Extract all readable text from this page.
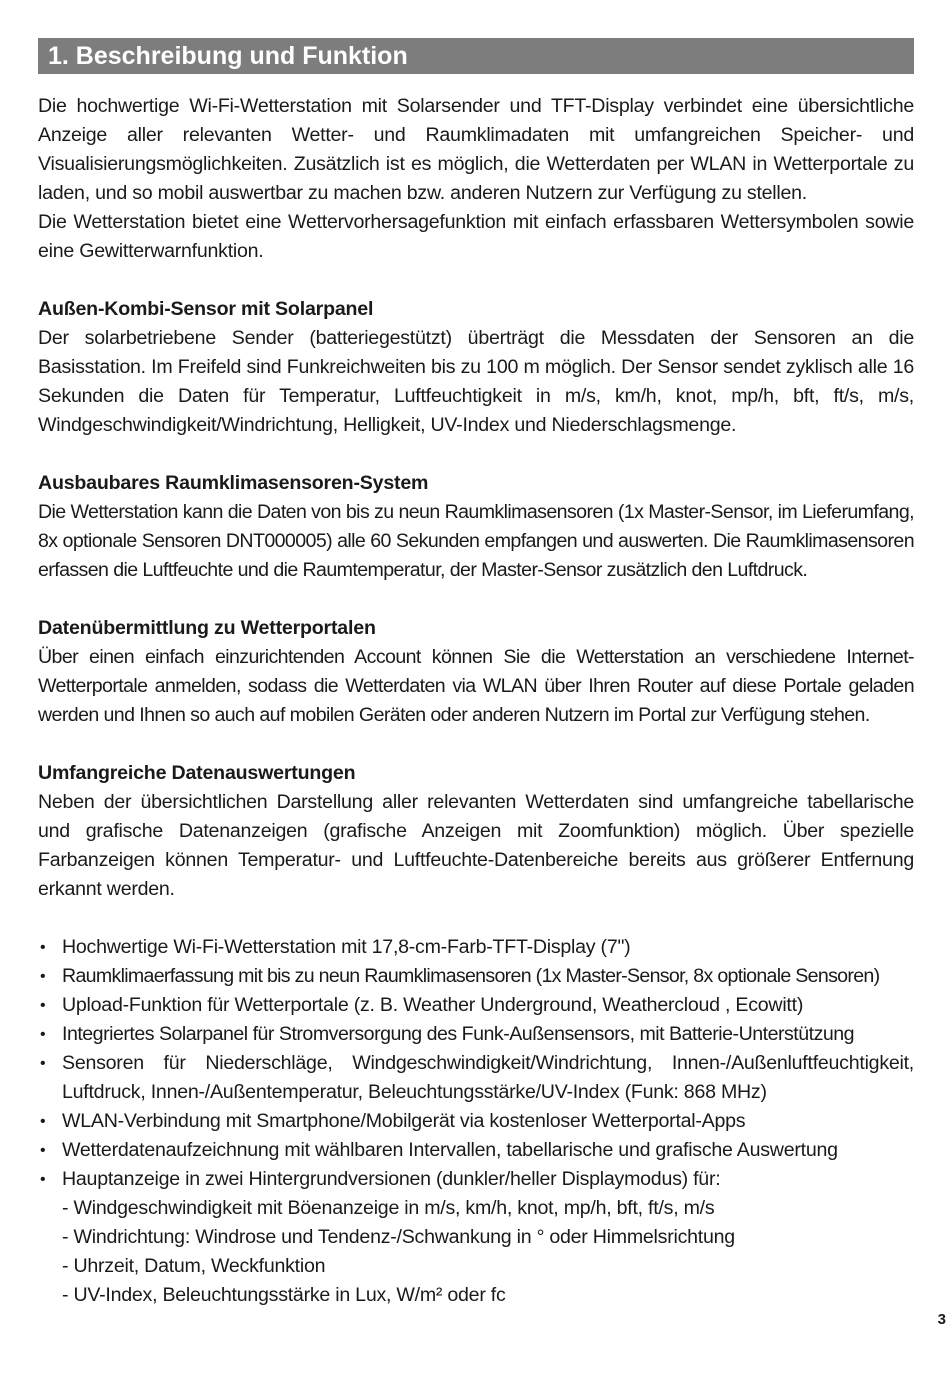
1. Beschreibung und Funktion

Die hochwertige Wi-Fi-Wetterstation mit Solarsender und TFT-Display verbindet eine übersichtliche Anzeige aller relevanten Wetter- und Raumklimadaten mit umfangreichen Speicher- und Visualisierungsmöglichkeiten. Zusätzlich ist es möglich, die Wetterdaten per WLAN in Wetterportale zu laden, und so mobil auswertbar zu machen bzw. anderen Nutzern zur Verfügung zu stellen.

Die Wetterstation bietet eine Wettervorhersagefunktion mit einfach erfassbaren Wettersymbolen sowie eine Gewitterwarnfunktion.

Außen-Kombi-Sensor mit Solarpanel

Der solarbetriebene Sender (batteriegestützt) überträgt die Messdaten der Sensoren an die Basisstation. Im Freifeld sind Funkreichweiten bis zu 100 m möglich. Der Sensor sendet zyklisch alle 16 Sekunden die Daten für Temperatur, Luftfeuchtigkeit in m/s, km/h, knot, mp/h, bft, ft/s, m/s, Windgeschwindigkeit/Windrichtung, Helligkeit, UV-Index und Niederschlagsmenge.

Ausbaubares Raumklimasensoren-System

Die Wetterstation kann die Daten von bis zu neun Raumklimasensoren (1x Master-Sensor, im Lieferumfang, 8x optionale Sensoren DNT000005) alle 60 Sekunden empfangen und auswerten. Die Raumklimasensoren erfassen die Luftfeuchte und die Raumtemperatur, der Master-Sensor zusätzlich den Luftdruck.

Datenübermittlung zu Wetterportalen

Über einen einfach einzurichtenden Account können Sie die Wetterstation an verschiedene Internet-Wetterportale anmelden, sodass die Wetterdaten via WLAN über Ihren Router auf diese Portale geladen werden und Ihnen so auch auf mobilen Geräten oder anderen Nutzern im Portal zur Verfügung stehen.

Umfangreiche Datenauswertungen

Neben der übersichtlichen Darstellung aller relevanten Wetterdaten sind umfangreiche tabellarische und grafische Datenanzeigen (grafische Anzeigen mit Zoomfunktion) möglich. Über spezielle Farbanzeigen können Temperatur- und Luftfeuchte-Datenbereiche bereits aus größerer Entfernung erkannt werden.

• Hochwertige Wi-Fi-Wetterstation mit 17,8-cm-Farb-TFT-Display (7")
• Raumklimaerfassung mit bis zu neun Raumklimasensoren (1x Master-Sensor, 8x optionale Sensoren)
• Upload-Funktion für Wetterportale (z. B. Weather Underground, Weathercloud , Ecowitt)
• Integriertes Solarpanel für Stromversorgung des Funk-Außensensors, mit Batterie-Unterstützung
• Sensoren für Niederschläge, Windgeschwindigkeit/Windrichtung, Innen-/Außenluftfeuchtigkeit, Luftdruck, Innen-/Außentemperatur, Beleuchtungsstärke/UV-Index (Funk: 868 MHz)
• WLAN-Verbindung mit Smartphone/Mobilgerät via kostenloser Wetterportal-Apps
• Wetterdatenaufzeichnung mit wählbaren Intervallen, tabellarische und grafische Auswertung
• Hauptanzeige in zwei Hintergrundversionen (dunkler/heller Displaymodus) für:
- Windgeschwindigkeit mit Böenanzeige in m/s, km/h, knot, mp/h, bft, ft/s, m/s
- Windrichtung: Windrose und Tendenz-/Schwankung in ° oder Himmelsrichtung
- Uhrzeit, Datum, Weckfunktion
- UV-Index, Beleuchtungsstärke in Lux, W/m² oder fc
3
